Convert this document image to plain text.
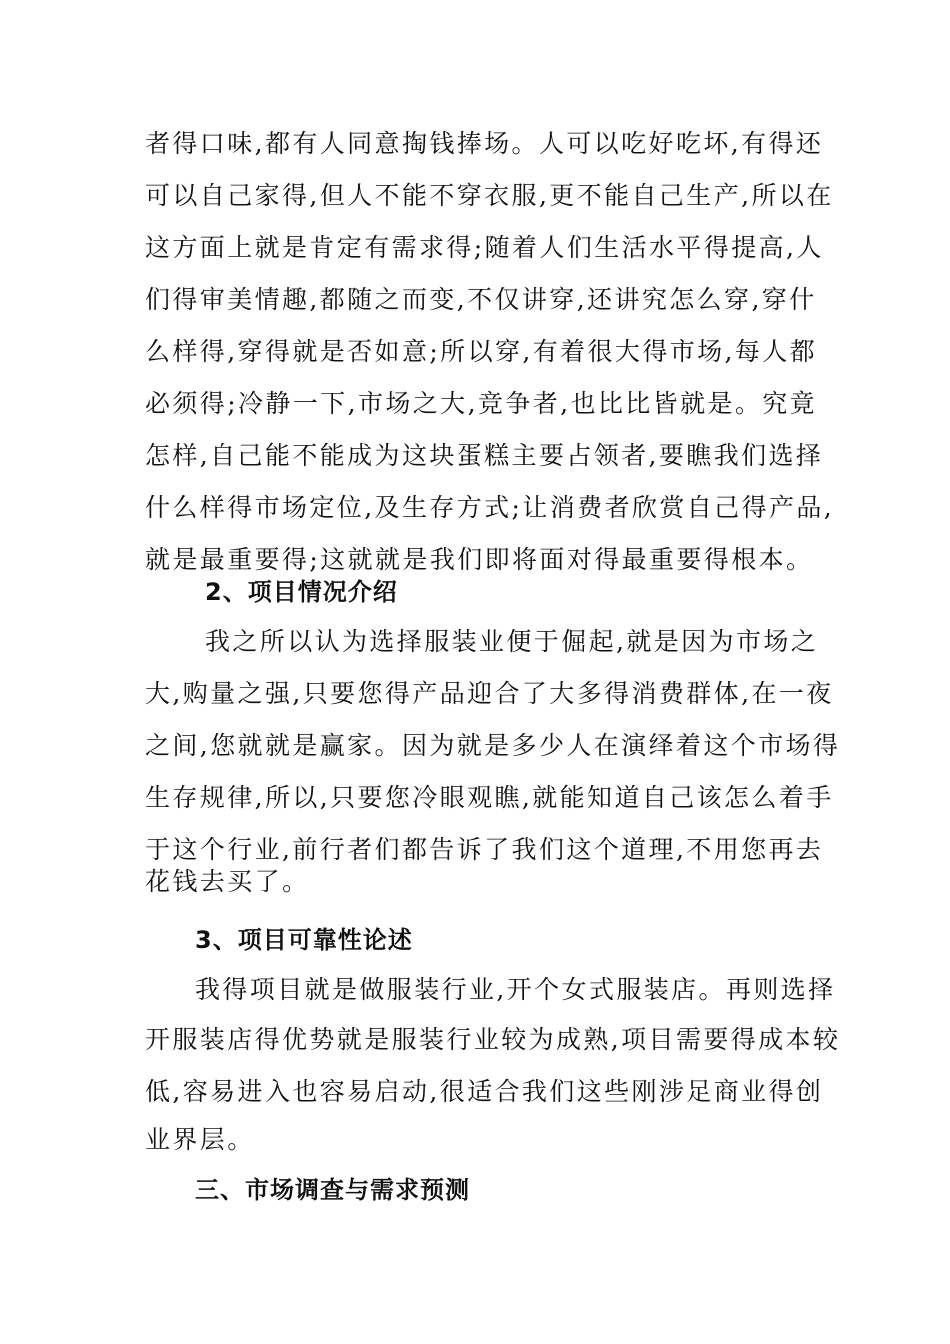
者得口味,都有人同意掏钱捧场。人可以吃好吃坏,有得还
可以自己家得,但人不能不穿衣服,更不能自己生产,所以在
这方面上就是肯定有需求得;随着人们生活水平得提高,人
们得审美情趣,都随之而变,不仅讲穿,还讲究怎么穿,穿什
么样得,穿得就是否如意;所以穿,有着很大得市场,每人都
必须得;冷静一下,市场之大,竞争者,也比比皆就是。究竟
怎样,自己能不能成为这块蛋糕主要占领者,要瞧我们选择
什么样得市场定位,及生存方式;让消费者欣赏自己得产品,
就是最重要得;这就就是我们即将面对得最重要得根本。
2、项目情况介绍
我之所以认为选择服装业便于倔起,就是因为市场之
大,购量之强,只要您得产品迎合了大多得消费群体,在一夜
之间,您就就是赢家。因为就是多少人在演绎着这个市场得
生存规律,所以,只要您冷眼观瞧,就能知道自己该怎么着手
于这个行业,前行者们都告诉了我们这个道理,不用您再去
花钱去买了。
3、项目可靠性论述
我得项目就是做服装行业,开个女式服装店。再则选择
开服装店得优势就是服装行业较为成熟,项目需要得成本较
低,容易进入也容易启动,很适合我们这些刚涉足商业得创
业界层。
三、市场调查与需求预测
